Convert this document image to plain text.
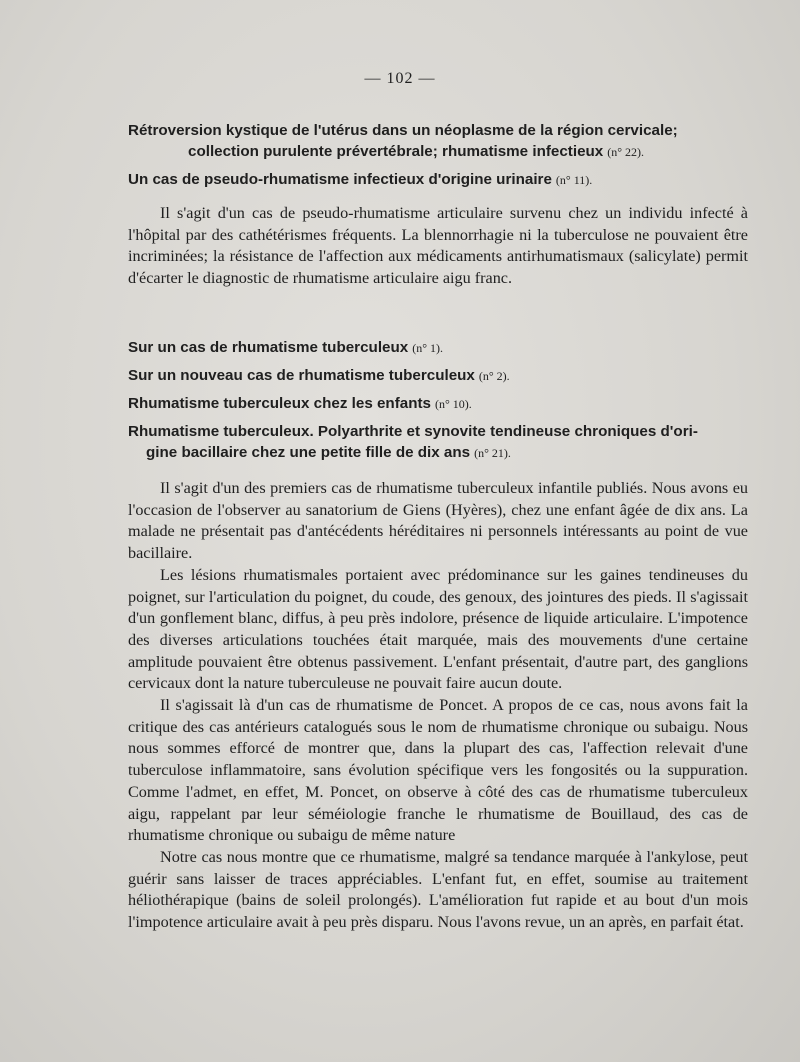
— 102 —
Rétroversion kystique de l'utérus dans un néoplasme de la région cervicale;
collection purulente prévertébrale; rhumatisme infectieux (n° 22).
Un cas de pseudo-rhumatisme infectieux d'origine urinaire (n° 11).

Il s'agit d'un cas de pseudo-rhumatisme articulaire survenu chez un individu infecté à l'hôpital par des cathétérismes fréquents. La blennorrhagie ni la tuberculose ne pouvaient être incriminées; la résistance de l'affection aux médicaments antirhumatismaux (salicylate) permit d'écarter le diagnostic de rhumatisme articulaire aigu franc.

Sur un cas de rhumatisme tuberculeux (n° 1).
Sur un nouveau cas de rhumatisme tuberculeux (n° 2).
Rhumatisme tuberculeux chez les enfants (n° 10).
Rhumatisme tuberculeux. Polyarthrite et synovite tendineuse chroniques d'ori-
gine bacillaire chez une petite fille de dix ans (n° 21).

Il s'agit d'un des premiers cas de rhumatisme tuberculeux infantile publiés. Nous avons eu l'occasion de l'observer au sanatorium de Giens (Hyères), chez une enfant âgée de dix ans. La malade ne présentait pas d'antécédents héréditaires ni personnels intéressants au point de vue bacillaire.

Les lésions rhumatismales portaient avec prédominance sur les gaines tendineuses du poignet, sur l'articulation du poignet, du coude, des genoux, des jointures des pieds. Il s'agissait d'un gonflement blanc, diffus, à peu près indolore, présence de liquide articulaire. L'impotence des diverses articulations touchées était marquée, mais des mouvements d'une certaine amplitude pouvaient être obtenus passivement. L'enfant présentait, d'autre part, des ganglions cervicaux dont la nature tuberculeuse ne pouvait faire aucun doute.

Il s'agissait là d'un cas de rhumatisme de Poncet. A propos de ce cas, nous avons fait la critique des cas antérieurs catalogués sous le nom de rhumatisme chronique ou subaigu. Nous nous sommes efforcé de montrer que, dans la plupart des cas, l'affection relevait d'une tuberculose inflammatoire, sans évolution spécifique vers les fongosités ou la suppuration. Comme l'admet, en effet, M. Poncet, on observe à côté des cas de rhumatisme tuberculeux aigu, rappelant par leur séméiologie franche le rhumatisme de Bouillaud, des cas de rhumatisme chronique ou subaigu de même nature

Notre cas nous montre que ce rhumatisme, malgré sa tendance marquée à l'ankylose, peut guérir sans laisser de traces appréciables. L'enfant fut, en effet, soumise au traitement héliothérapique (bains de soleil prolongés). L'amélioration fut rapide et au bout d'un mois l'impotence articulaire avait à peu près disparu. Nous l'avons revue, un an après, en parfait état.
